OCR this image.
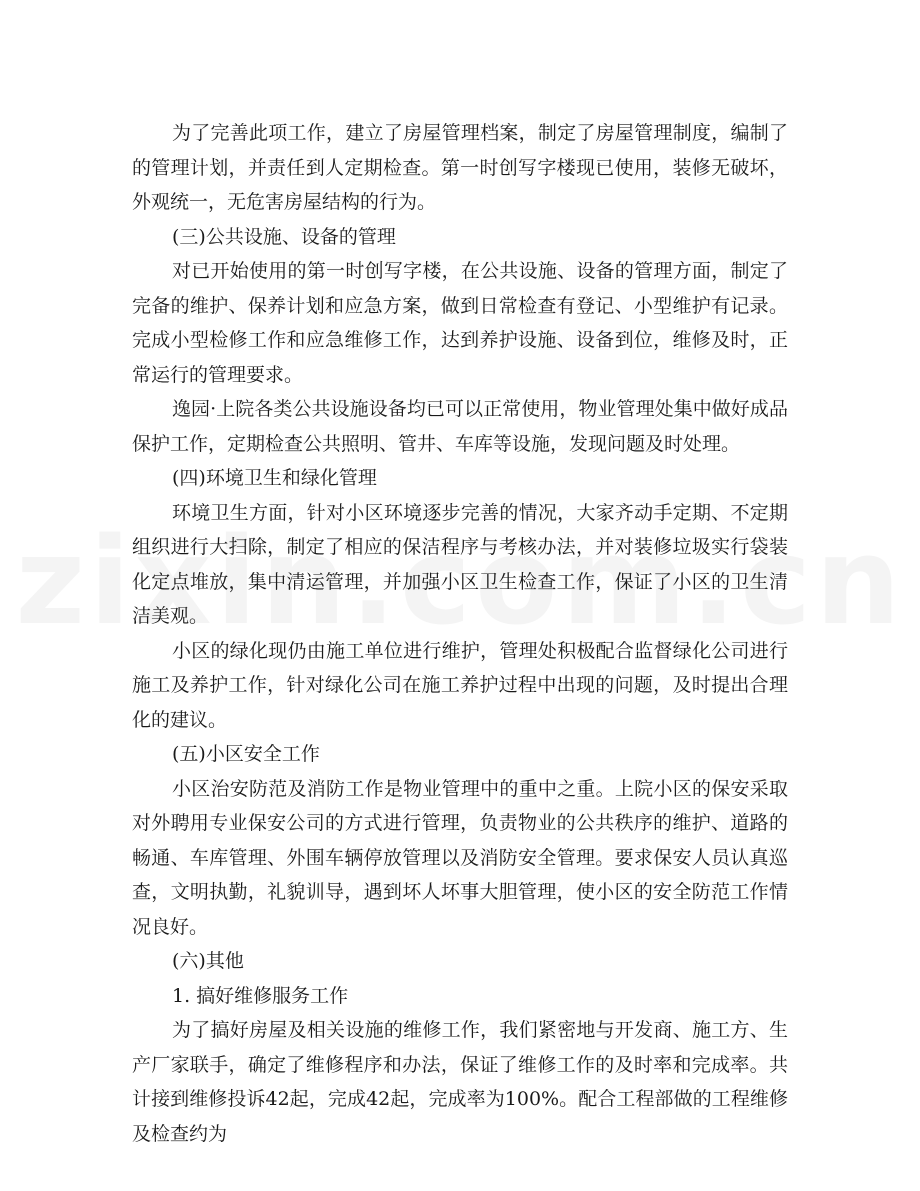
为了完善此项工作，建立了房屋管理档案，制定了房屋管理制度，编制了的管理计划，并责任到人定期检查。第一时创写字楼现已使用，装修无破坏，外观统一，无危害房屋结构的行为。

(三)公共设施、设备的管理

对已开始使用的第一时创写字楼，在公共设施、设备的管理方面，制定了完备的维护、保养计划和应急方案，做到日常检查有登记、小型维护有记录。完成小型检修工作和应急维修工作，达到养护设施、设备到位，维修及时，正常运行的管理要求。

逸园·上院各类公共设施设备均已可以正常使用，物业管理处集中做好成品保护工作，定期检查公共照明、管井、车库等设施，发现问题及时处理。

(四)环境卫生和绿化管理

环境卫生方面，针对小区环境逐步完善的情况，大家齐动手定期、不定期组织进行大扫除，制定了相应的保洁程序与考核办法，并对装修垃圾实行袋装化定点堆放，集中清运管理，并加强小区卫生检查工作，保证了小区的卫生清洁美观。

小区的绿化现仍由施工单位进行维护，管理处积极配合监督绿化公司进行施工及养护工作，针对绿化公司在施工养护过程中出现的问题，及时提出合理化的建议。

(五)小区安全工作

小区治安防范及消防工作是物业管理中的重中之重。上院小区的保安采取对外聘用专业保安公司的方式进行管理，负责物业的公共秩序的维护、道路的畅通、车库管理、外围车辆停放管理以及消防安全管理。要求保安人员认真巡查，文明执勤，礼貌训导，遇到坏人坏事大胆管理，使小区的安全防范工作情况良好。

(六)其他

1. 搞好维修服务工作

为了搞好房屋及相关设施的维修工作，我们紧密地与开发商、施工方、生产厂家联手，确定了维修程序和办法，保证了维修工作的及时率和完成率。共计接到维修投诉42起，完成42起，完成率为100%。配合工程部做的工程维修及检查约为
